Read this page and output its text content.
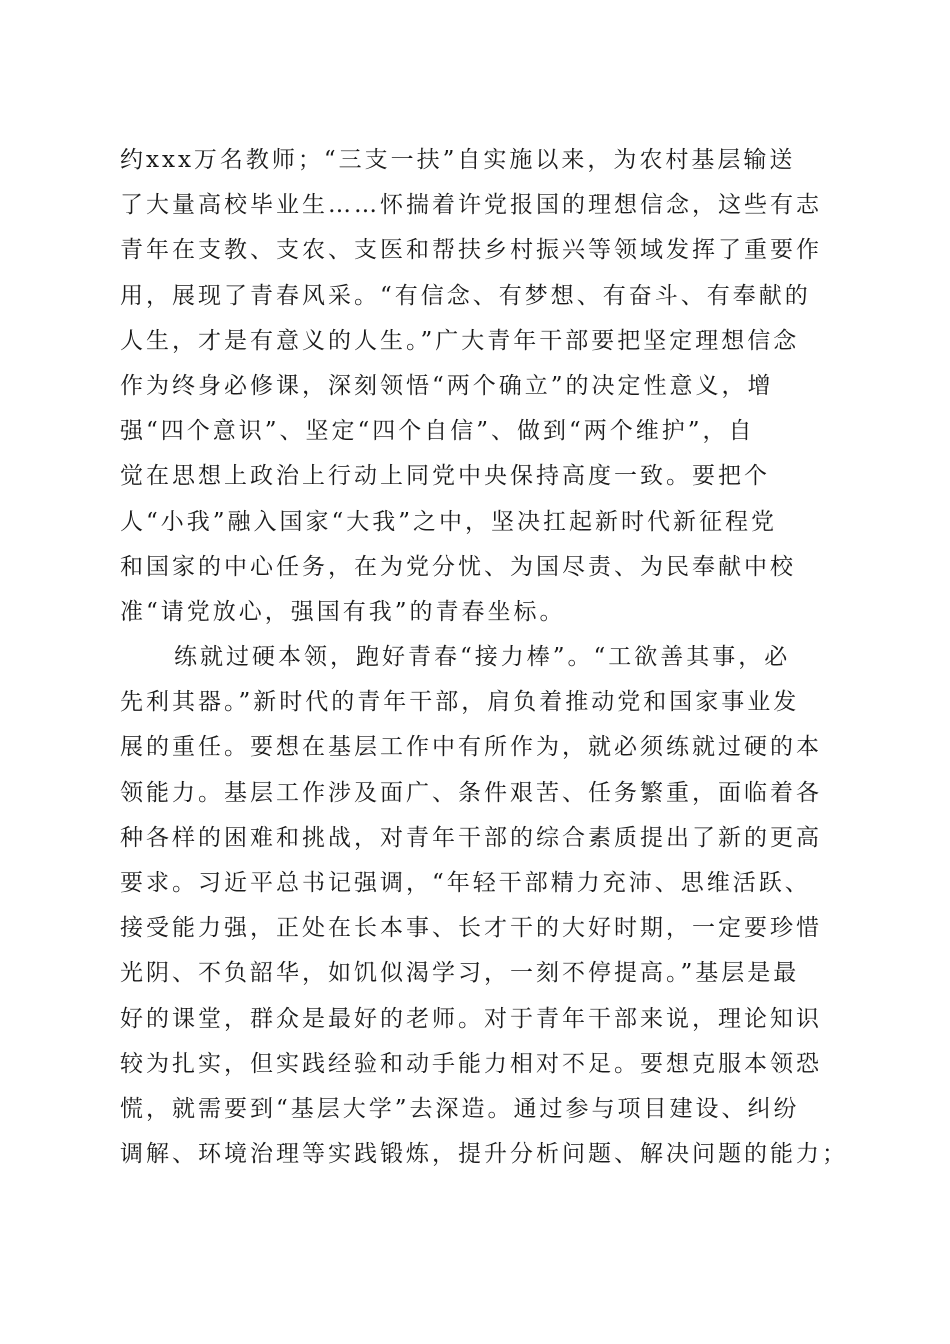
约xxx万名教师；“三支一扶”自实施以来，为农村基层输送
了大量高校毕业生……怀揣着许党报国的理想信念，这些有志
青年在支教、支农、支医和帮扶乡村振兴等领域发挥了重要作
用，展现了青春风采。“有信念、有梦想、有奋斗、有奉献的
人生，才是有意义的人生。”广大青年干部要把坚定理想信念
作为终身必修课，深刻领悟“两个确立”的决定性意义，增
强“四个意识”、坚定“四个自信”、做到“两个维护”，自
觉在思想上政治上行动上同党中央保持高度一致。要把个
人“小我”融入国家“大我”之中，坚决扛起新时代新征程党
和国家的中心任务，在为党分忧、为国尽责、为民奉献中校
准“请党放心，强国有我”的青春坐标。
练就过硬本领，跑好青春“接力棒”。“工欲善其事，必
先利其器。”新时代的青年干部，肩负着推动党和国家事业发
展的重任。要想在基层工作中有所作为，就必须练就过硬的本
领能力。基层工作涉及面广、条件艰苦、任务繁重，面临着各
种各样的困难和挑战，对青年干部的综合素质提出了新的更高
要求。习近平总书记强调，“年轻干部精力充沛、思维活跃、
接受能力强，正处在长本事、长才干的大好时期，一定要珍惜
光阴、不负韶华，如饥似渴学习，一刻不停提高。”基层是最
好的课堂，群众是最好的老师。对于青年干部来说，理论知识
较为扎实，但实践经验和动手能力相对不足。要想克服本领恐
慌，就需要到“基层大学”去深造。通过参与项目建设、纠纷
调解、环境治理等实践锻炼，提升分析问题、解决问题的能力；
